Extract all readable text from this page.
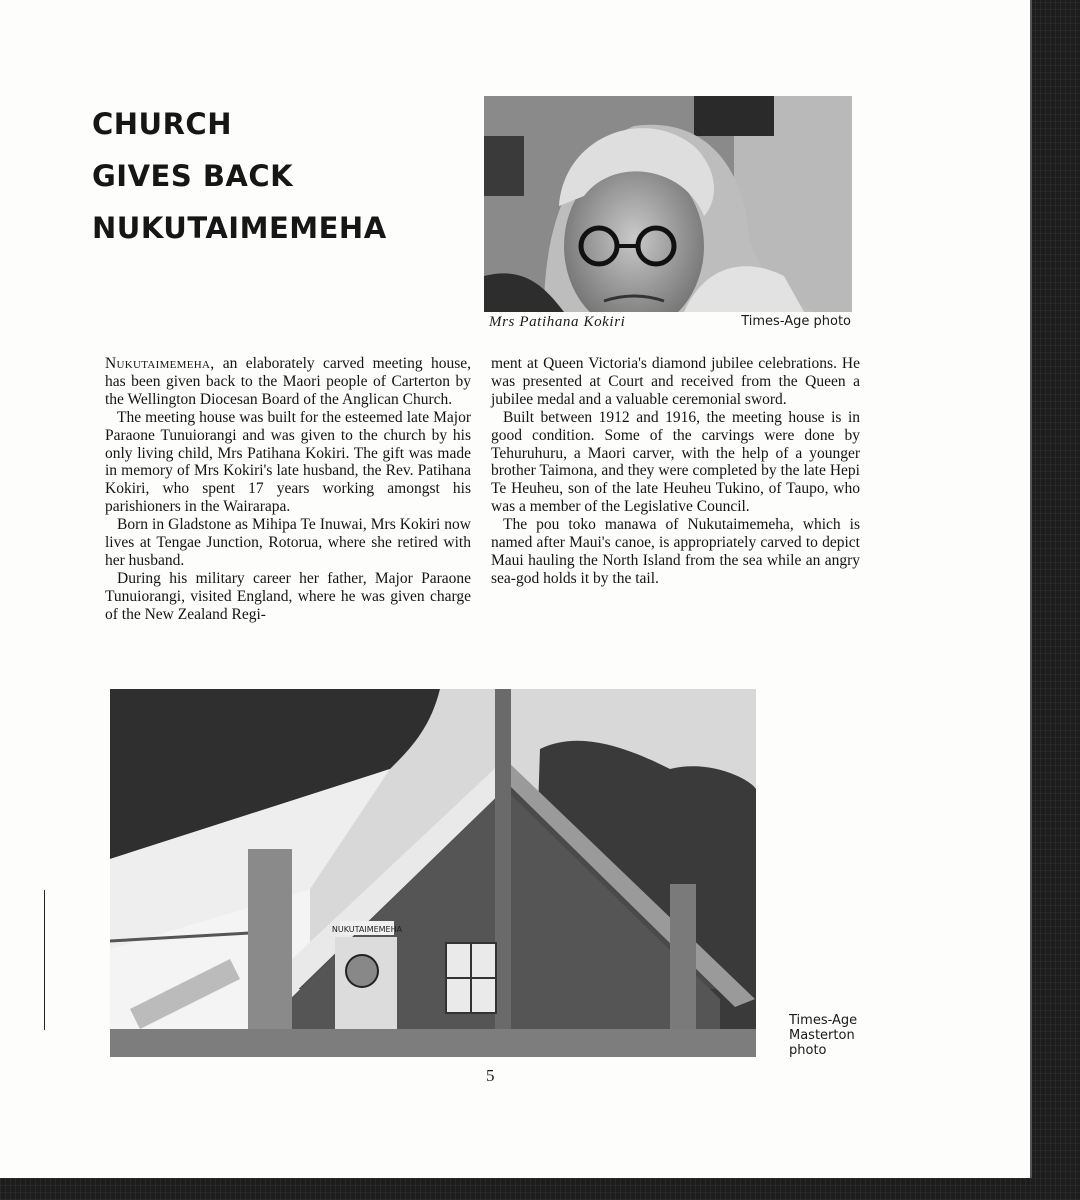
CHURCH
GIVES BACK
NUKUTAIMEMEHA
Mrs Patihana Kokiri	Times-Age photo

Nukutaimemeha, an elaborately carved meeting house, has been given back to the Maori people of Carterton by the Wellington Diocesan Board of the Anglican Church.

The meeting house was built for the esteemed late Major Paraone Tunuiorangi and was given to the church by his only living child, Mrs Patihana Kokiri. The gift was made in memory of Mrs Kokiri's late husband, the Rev. Patihana Kokiri, who spent 17 years working amongst his parishioners in the Wairarapa.

Born in Gladstone as Mihipa Te Inuwai, Mrs Kokiri now lives at Tengae Junction, Rotorua, where she retired with her husband.

During his military career her father, Major Paraone Tunuiorangi, visited England, where he was given charge of the New Zealand Regi-

ment at Queen Victoria's diamond jubilee celebrations. He was presented at Court and received from the Queen a jubilee medal and a valuable ceremonial sword.

Built between 1912 and 1916, the meeting house is in good condition. Some of the carvings were done by Tehuruhuru, a Maori carver, with the help of a younger brother Taimona, and they were completed by the late Hepi Te Heuheu, son of the late Heuheu Tukino, of Taupo, who was a member of the Legislative Council.

The pou toko manawa of Nukutaimemeha, which is named after Maui's canoe, is appropriately carved to depict Maui hauling the North Island from the sea while an angry sea-god holds it by the tail.

NUKUTAIMEMEHA
Times-Age
Masterton
photo
5
